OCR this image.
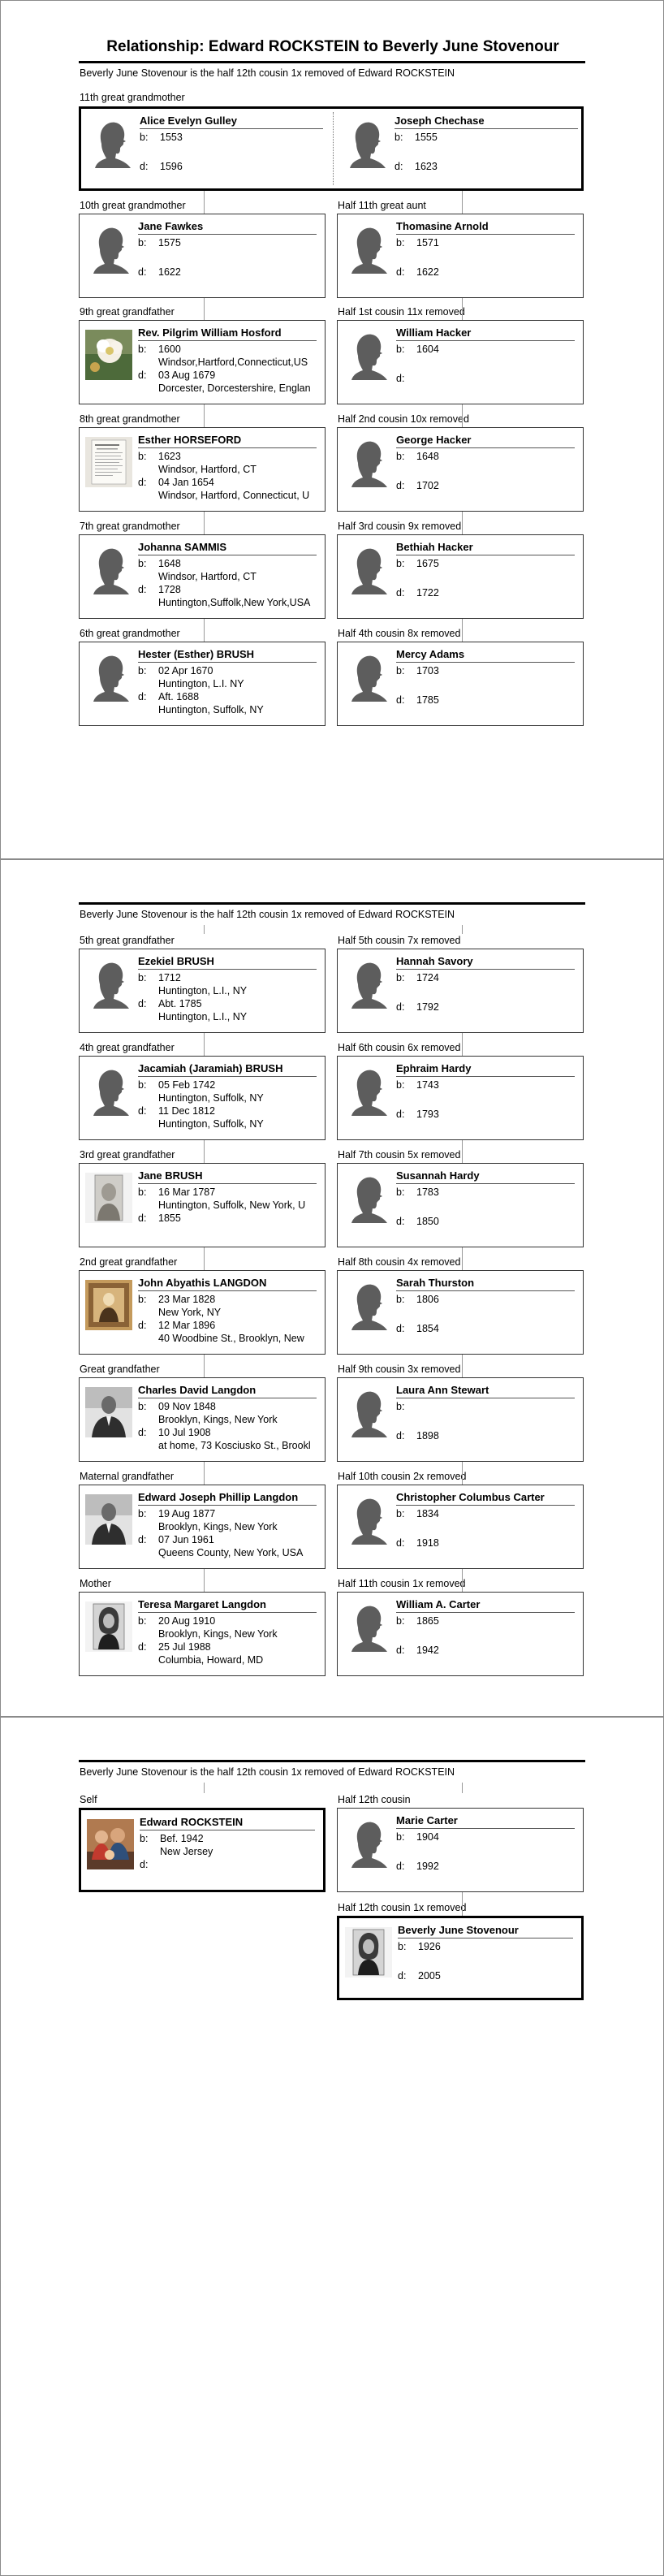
Relationship: Edward ROCKSTEIN to Beverly June Stovenour
Beverly June Stovenour is the half 12th cousin 1x removed of Edward ROCKSTEIN
11th great grandmother
Alice Evelyn Gulley
b: 1553
d: 1596
Joseph Chechase
b: 1555
d: 1623
10th great grandmother
Jane Fawkes
b: 1575
d: 1622
Half 11th great aunt
Thomasine Arnold
b: 1571
d: 1622
9th great grandfather
Rev. Pilgrim William Hosford
b: 1600
Windsor,Hartford,Connecticut,US
d: 03 Aug 1679
Dorcester, Dorcestershire, Englan
Half 1st cousin 11x removed
William Hacker
b: 1604
d:
8th great grandmother
Esther HORSEFORD
b: 1623
Windsor, Hartford, CT
d: 04 Jan 1654
Windsor, Hartford, Connecticut, U
Half 2nd cousin 10x removed
George Hacker
b: 1648
d: 1702
7th great grandmother
Johanna SAMMIS
b: 1648
Windsor, Hartford, CT
d: 1728
Huntington,Suffolk,New York,USA
Half 3rd cousin 9x removed
Bethiah Hacker
b: 1675
d: 1722
6th great grandmother
Hester (Esther) BRUSH
b: 02 Apr 1670
Huntington, L.I. NY
d: Aft. 1688
Huntington, Suffolk, NY
Half 4th cousin 8x removed
Mercy Adams
b: 1703
d: 1785
Beverly June Stovenour is the half 12th cousin 1x removed of Edward ROCKSTEIN
5th great grandfather
Ezekiel BRUSH
b: 1712
Huntington, L.I., NY
d: Abt. 1785
Huntington, L.I., NY
Half 5th cousin 7x removed
Hannah Savory
b: 1724
d: 1792
4th great grandfather
Jacamiah (Jaramiah) BRUSH
b: 05 Feb 1742
Huntington, Suffolk, NY
d: 11 Dec 1812
Huntington, Suffolk, NY
Half 6th cousin 6x removed
Ephraim Hardy
b: 1743
d: 1793
3rd great grandfather
Jane BRUSH
b: 16 Mar 1787
Huntington, Suffolk, New York, U
d: 1855
Half 7th cousin 5x removed
Susannah Hardy
b: 1783
d: 1850
2nd great grandfather
John Abyathis LANGDON
b: 23 Mar 1828
New York, NY
d: 12 Mar 1896
40 Woodbine St., Brooklyn, New
Half 8th cousin 4x removed
Sarah Thurston
b: 1806
d: 1854
Great grandfather
Charles David Langdon
b: 09 Nov 1848
Brooklyn, Kings, New York
d: 10 Jul 1908
at home, 73 Kosciusko St., Brookl
Half 9th cousin 3x removed
Laura Ann Stewart
b:
d: 1898
Maternal grandfather
Edward Joseph Phillip Langdon
b: 19 Aug 1877
Brooklyn, Kings, New York
d: 07 Jun 1961
Queens County, New York, USA
Half 10th cousin 2x removed
Christopher Columbus Carter
b: 1834
d: 1918
Mother
Teresa Margaret Langdon
b: 20 Aug 1910
Brooklyn, Kings, New York
d: 25 Jul 1988
Columbia, Howard, MD
Half 11th cousin 1x removed
William A. Carter
b: 1865
d: 1942
Beverly June Stovenour is the half 12th cousin 1x removed of Edward ROCKSTEIN
Self
Edward ROCKSTEIN
b: Bef. 1942
New Jersey
d:
Half 12th cousin
Marie Carter
b: 1904
d: 1992
Half 12th cousin 1x removed
Beverly June Stovenour
b: 1926
d: 2005
